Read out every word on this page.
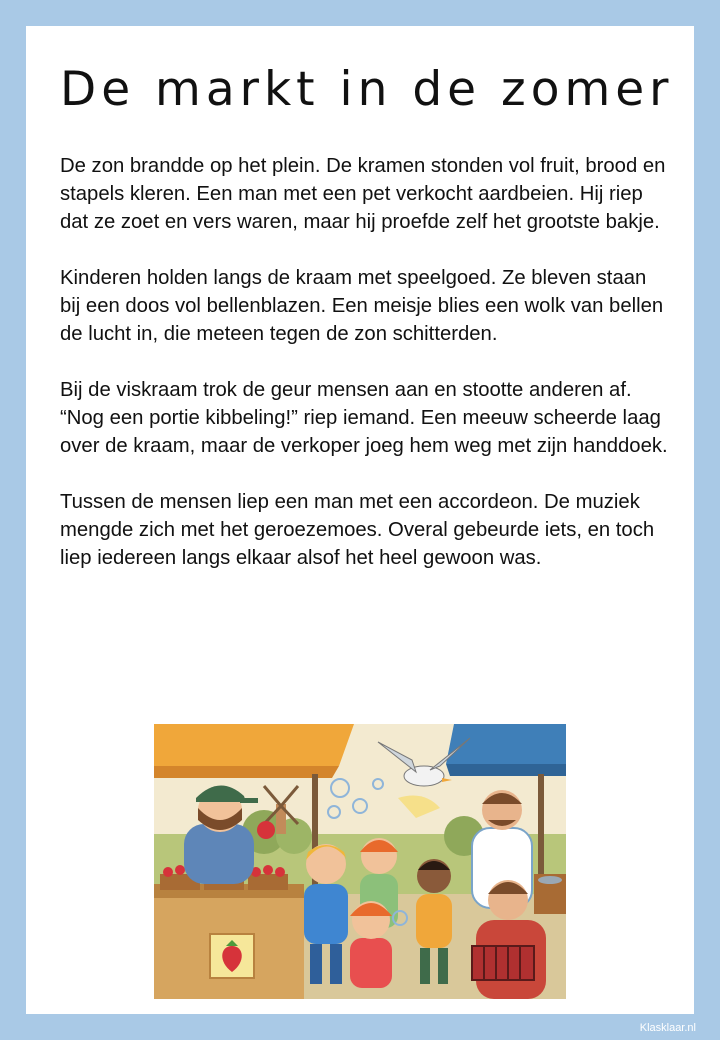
De markt in de zomer

De zon brandde op het plein. De kramen stonden vol fruit, brood en stapels kleren. Een man met een pet verkocht aardbeien. Hij riep dat ze zoet en vers waren, maar hij proefde zelf het grootste bakje.

Kinderen holden langs de kraam met speelgoed. Ze bleven staan bij een doos vol bellenblazen. Een meisje blies een wolk van bellen de lucht in, die meteen tegen de zon schitterden.

Bij de viskraam trok de geur mensen aan en stootte anderen af. “Nog een portie kibbeling!” riep iemand. Een meeuw scheerde laag over de kraam, maar de verkoper joeg hem weg met zijn handdoek.

Tussen de mensen liep een man met een accordeon. De muziek mengde zich met het geroezemoes. Overal gebeurde iets, en toch liep iedereen langs elkaar alsof het heel gewoon was.

Klasklaar.nl
